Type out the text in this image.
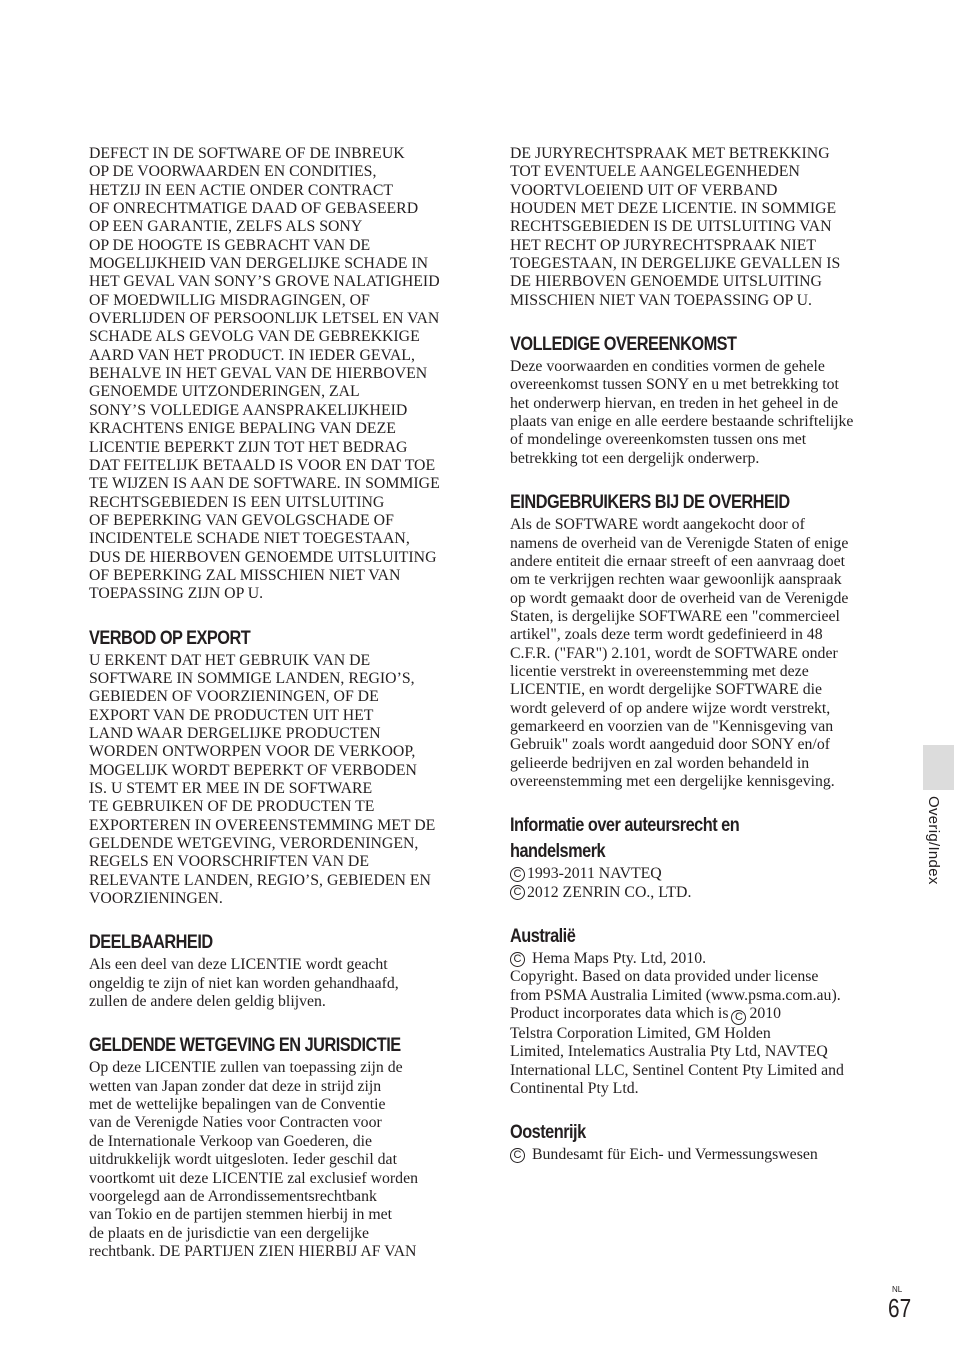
DEFECT IN DE SOFTWARE OF DE INBREUK
OP DE VOORWAARDEN EN CONDITIES,
HETZIJ IN EEN ACTIE ONDER CONTRACT
OF ONRECHTMATIGE DAAD OF GEBASEERD
OP EEN GARANTIE, ZELFS ALS SONY
OP DE HOOGTE IS GEBRACHT VAN DE
MOGELIJKHEID VAN DERGELIJKE SCHADE IN
HET GEVAL VAN SONY’S GROVE NALATIGHEID
OF MOEDWILLIG MISDRAGINGEN, OF
OVERLIJDEN OF PERSOONLIJK LETSEL EN VAN
SCHADE ALS GEVOLG VAN DE GEBREKKIGE
AARD VAN HET PRODUCT. IN IEDER GEVAL,
BEHALVE IN HET GEVAL VAN DE HIERBOVEN
GENOEMDE UITZONDERINGEN, ZAL
SONY’S VOLLEDIGE AANSPRAKELIJKHEID
KRACHTENS ENIGE BEPALING VAN DEZE
LICENTIE BEPERKT ZIJN TOT HET BEDRAG
DAT FEITELIJK BETAALD IS VOOR EN DAT TOE
TE WIJZEN IS AAN DE SOFTWARE. IN SOMMIGE
RECHTSGEBIEDEN IS EEN UITSLUITING
OF BEPERKING VAN GEVOLGSCHADE OF
INCIDENTELE SCHADE NIET TOEGESTAAN,
DUS DE HIERBOVEN GENOEMDE UITSLUITING
OF BEPERKING ZAL MISSCHIEN NIET VAN
TOEPASSING ZIJN OP U.

VERBOD OP EXPORT

U ERKENT DAT HET GEBRUIK VAN DE
SOFTWARE IN SOMMIGE LANDEN, REGIO’S,
GEBIEDEN OF VOORZIENINGEN, OF DE
EXPORT VAN DE PRODUCTEN UIT HET
LAND WAAR DERGELIJKE PRODUCTEN
WORDEN ONTWORPEN VOOR DE VERKOOP,
MOGELIJK WORDT BEPERKT OF VERBODEN
IS. U STEMT ER MEE IN DE SOFTWARE
TE GEBRUIKEN OF DE PRODUCTEN TE
EXPORTEREN IN OVEREENSTEMMING MET DE
GELDENDE WETGEVING, VERORDENINGEN,
REGELS EN VOORSCHRIFTEN VAN DE
RELEVANTE LANDEN, REGIO’S, GEBIEDEN EN
VOORZIENINGEN.

DEELBAARHEID

Als een deel van deze LICENTIE wordt geacht
ongeldig te zijn of niet kan worden gehandhaafd,
zullen de andere delen geldig blijven.

GELDENDE WETGEVING EN JURISDICTIE

Op deze LICENTIE zullen van toepassing zijn de
wetten van Japan zonder dat deze in strijd zijn
met de wettelijke bepalingen van de Conventie
van de Verenigde Naties voor Contracten voor
de Internationale Verkoop van Goederen, die
uitdrukkelijk wordt uitgesloten. Ieder geschil dat
voortkomt uit deze LICENTIE zal exclusief worden
voorgelegd aan de Arrondissementsrechtbank
van Tokio en de partijen stemmen hierbij in met
de plaats en de jurisdictie van een dergelijke
rechtbank. DE PARTIJEN ZIEN HIERBIJ AF VAN

DE JURYRECHTSPRAAK MET BETREKKING
TOT EVENTUELE AANGELEGENHEDEN
VOORTVLOEIEND UIT OF VERBAND
HOUDEN MET DEZE LICENTIE. IN SOMMIGE
RECHTSGEBIEDEN IS DE UITSLUITING VAN
HET RECHT OP JURYRECHTSPRAAK NIET
TOEGESTAAN, IN DERGELIJKE GEVALLEN IS
DE HIERBOVEN GENOEMDE UITSLUITING
MISSCHIEN NIET VAN TOEPASSING OP U.

VOLLEDIGE OVEREENKOMST

Deze voorwaarden en condities vormen de gehele
overeenkomst tussen SONY en u met betrekking tot
het onderwerp hiervan, en treden in het geheel in de
plaats van enige en alle eerdere bestaande schriftelijke
of mondelinge overeenkomsten tussen ons met
betrekking tot een dergelijk onderwerp.

EINDGEBRUIKERS BIJ DE OVERHEID

Als de SOFTWARE wordt aangekocht door of
namens de overheid van de Verenigde Staten of enige
andere entiteit die ernaar streeft of een aanvraag doet
om te verkrijgen rechten waar gewoonlijk aanspraak
op wordt gemaakt door de overheid van de Verenigde
Staten, is dergelijke SOFTWARE een "commercieel
artikel", zoals deze term wordt gedefinieerd in 48
C.F.R. ("FAR") 2.101, wordt de SOFTWARE onder
licentie verstrekt in overeenstemming met deze
LICENTIE, en wordt dergelijke SOFTWARE die
wordt geleverd of op andere wijze wordt verstrekt,
gemarkeerd en voorzien van de "Kennisgeving van
Gebruik" zoals wordt aangeduid door SONY en/of
gelieerde bedrijven en zal worden behandeld in
overeenstemming met een dergelijke kennisgeving.

Informatie over auteursrecht en
handelsmerk

C 1993-2011 NAVTEQ

C 2012 ZENRIN CO., LTD.

Australië

C Hema Maps Pty. Ltd, 2010.

Copyright. Based on data provided under license
from PSMA Australia Limited (www.psma.com.au).
Product incorporates data which is C 2010
Telstra Corporation Limited, GM Holden
Limited, Intelematics Australia Pty Ltd, NAVTEQ
International LLC, Sentinel Content Pty Limited and
Continental Pty Ltd.

Oostenrijk

C Bundesamt für Eich- und Vermessungswesen

Overig/Index
NL
67
